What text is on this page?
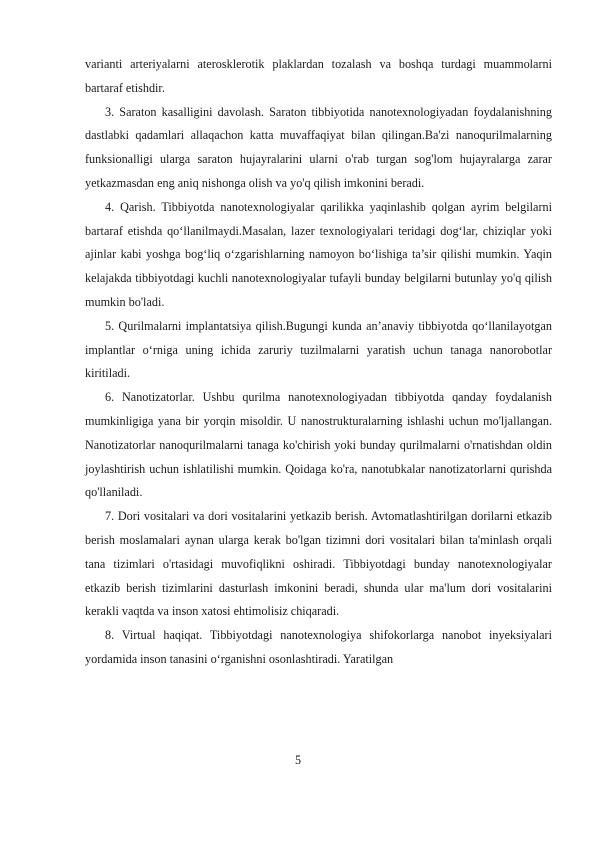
varianti arteriyalarni aterosklerotik plaklardan tozalash va boshqa turdagi muammolarni bartaraf etishdir.

3. Saraton kasalligini davolash. Saraton tibbiyotida nanotexnologiyadan foydalanishning dastlabki qadamlari allaqachon katta muvaffaqiyat bilan qilingan.Ba'zi nanoqurilmalarning funksionalligi ularga saraton hujayralarini ularni o'rab turgan sog'lom hujayralarga zarar yetkazmasdan eng aniq nishonga olish va yo'q qilish imkonini beradi.

4. Qarish. Tibbiyotda nanotexnologiyalar qarilikka yaqinlashib qolgan ayrim belgilarni bartaraf etishda qo‘llanilmaydi.Masalan, lazer texnologiyalari teridagi dog‘lar, chiziqlar yoki ajinlar kabi yoshga bog‘liq o‘zgarishlarning namoyon bo‘lishiga ta’sir qilishi mumkin. Yaqin kelajakda tibbiyotdagi kuchli nanotexnologiyalar tufayli bunday belgilarni butunlay yo'q qilish mumkin bo'ladi.

5. Qurilmalarni implantatsiya qilish.Bugungi kunda an’anaviy tibbiyotda qo‘llanilayotgan implantlar o‘rniga uning ichida zaruriy tuzilmalarni yaratish uchun tanaga nanorobotlar kiritiladi.

6. Nanotizatorlar. Ushbu qurilma nanotexnologiyadan tibbiyotda qanday foydalanish mumkinligiga yana bir yorqin misoldir. U nanostrukturalarning ishlashi uchun mo'ljallangan. Nanotizatorlar nanoqurilmalarni tanaga ko'chirish yoki bunday qurilmalarni o'rnatishdan oldin joylashtirish uchun ishlatilishi mumkin. Qoidaga ko'ra, nanotubkalar nanotizatorlarni qurishda qo'llaniladi.

7. Dori vositalari va dori vositalarini yetkazib berish. Avtomatlashtirilgan dorilarni etkazib berish moslamalari aynan ularga kerak bo'lgan tizimni dori vositalari bilan ta'minlash orqali tana tizimlari o'rtasidagi muvofiqlikni oshiradi. Tibbiyotdagi bunday nanotexnologiyalar etkazib berish tizimlarini dasturlash imkonini beradi, shunda ular ma'lum dori vositalarini kerakli vaqtda va inson xatosi ehtimolisiz chiqaradi.

8. Virtual haqiqat. Tibbiyotdagi nanotexnologiya shifokorlarga nanobot inyeksiyalari yordamida inson tanasini o‘rganishni osonlashtiradi. Yaratilgan

5
